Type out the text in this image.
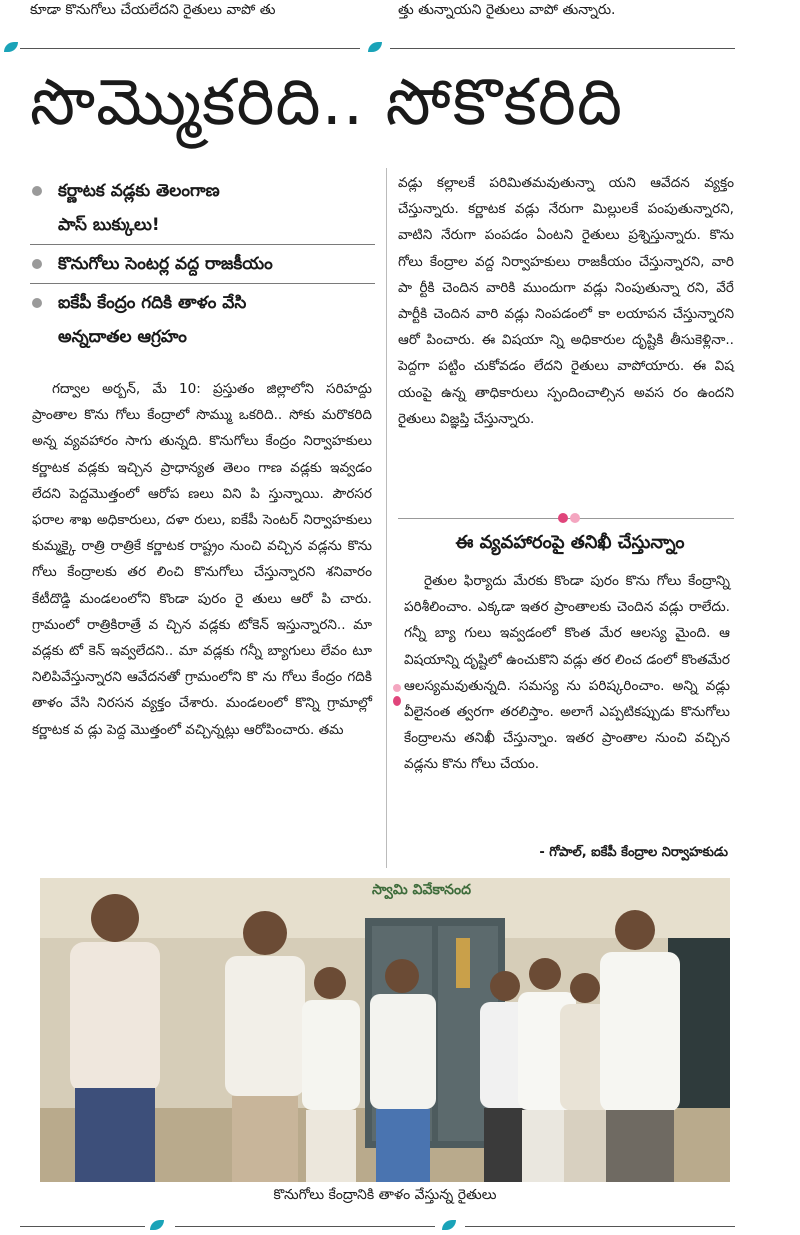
కూడా కొనుగోలు చేయలేదని రైతులు వాపో తు	త్తు తున్నాయని రైతులు వాపో తున్నారు.
సొమ్మొకరిది.. సోకొకరిది
కర్ణాటక వడ్లకు తెలంగాణ
పాస్ బుక్కులు!
కొనుగోలు సెంటర్ల వద్ద రాజకీయం
ఐకేపీ కేంద్రం గదికి తాళం వేసి
అన్నదాతల ఆగ్రహం
గద్వాల అర్బన్, మే 10: ప్రస్తుతం జిల్లాలోని సరిహద్దు ప్రాంతాల కొను గోలు కేంద్రాలో సొమ్ము ఒకరిది.. సోకు మరొకరిది అన్న వ్యవహారం సాగు తున్నది. కొనుగోలు కేంద్రం నిర్వాహకులు కర్ణాటక వడ్లకు ఇచ్చిన ప్రాధాన్యత తెలం గాణ వడ్లకు ఇవ్వడం లేదని పెద్దమొత్తంలో ఆరోప ణలు విని పి స్తున్నాయి. పౌరసర ఫరాల శాఖ అధికారులు, దళా రులు, ఐకేపీ సెంటర్ నిర్వాహకులు కుమ్మక్కై రాత్రి రాత్రికే కర్ణాటక రాష్ట్రం నుంచి వచ్చిన వడ్లను కొను గోలు కేంద్రాలకు తర లించి కొనుగోలు చేస్తున్నారని శనివారం కేటీదొడ్డి మండలంలోని కొండా పురం రై తులు ఆరో పి చారు. గ్రామంలో రాత్రికిరాత్రే వ చ్చిన వడ్లకు టోకెన్ ఇస్తున్నారని.. మా వడ్లకు టో కెన్ ఇవ్వలేదని.. మా వడ్లకు గన్నీ బ్యాగులు లేవం టూ నిలిపివేస్తున్నారని ఆవేదనతో గ్రామంలోని కొ ను గోలు కేంద్రం గదికి తాళం వేసి నిరసన వ్యక్తం చేశారు. మండలంలో కొన్ని గ్రామాల్లో కర్ణాటక వ డ్లు పెద్ద మొత్తంలో వచ్చిన్నట్లు ఆరోపించారు. తమ
వడ్లు కల్లాలకే పరిమితమవుతున్నా యని ఆవేదన వ్యక్తం చేస్తున్నారు. కర్ణాటక వడ్లు నేరుగా మిల్లులకే పంపుతున్నారని, వాటిని నేరుగా పంపడం ఏంటని రైతులు ప్రశ్నిస్తున్నారు. కొను గోలు కేంద్రాల వద్ద నిర్వాహకులు రాజకీయం చేస్తున్నారని, వారి పా ర్టీకి చెందిన వారికి ముందుగా వడ్లు నింపుతున్నా రని, వేరే పార్టీకి చెందిన వారి వడ్లు నింపడంలో కా లయాపన చేస్తున్నారని ఆరో పించారు. ఈ విషయా న్ని అధికారుల దృష్టికి తీసుకెళ్లినా.. పెద్దగా పట్టిం చుకోవడం లేదని రైతులు వాపోయారు. ఈ విష యంపై ఉన్న తాధికారులు స్పందించాల్సిన అవస రం ఉందని రైతులు విజ్ఞప్తి చేస్తున్నారు.
ఈ వ్యవహారంపై తనిఖీ చేస్తున్నాం
రైతుల ఫిర్యాదు మేరకు కొండా పురం కొను గోలు కేంద్రాన్ని పరిశీలించాం. ఎక్కడా ఇతర ప్రాంతాలకు చెందిన వడ్లు రాలేదు. గన్నీ బ్యా గులు ఇవ్వడంలో కొంత మేర ఆలస్య మైంది. ఆ విషయాన్ని దృష్టిలో ఉంచుకొని వడ్లు తర లించ డంలో కొంతమేర ఆలస్యమవుతున్నది. సమస్య ను పరిష్కరించాం. అన్ని వడ్లు వీలైనంత త్వరగా తరలిస్తాం. అలాగే ఎప్పటికప్పుడు కొనుగోలు కేంద్రాలను తనిఖీ చేస్తున్నాం. ఇతర ప్రాంతాల నుంచి వచ్చిన వడ్లను కొను గోలు చేయం.
- గోపాల్, ఐకేపీ కేంద్రాల నిర్వాహకుడు
స్వామి వివేకానంద
కొనుగోలు కేంద్రానికి తాళం వేస్తున్న రైతులు
